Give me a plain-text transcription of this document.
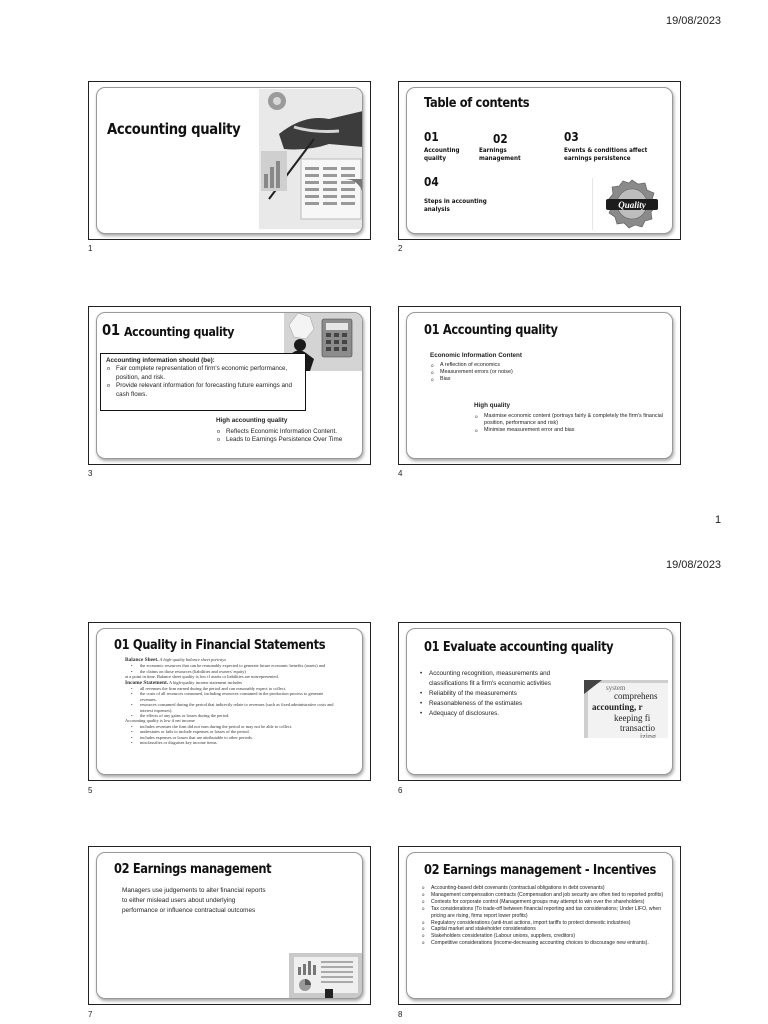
19/08/2023
Accounting quality
1
Table of contents
01
Accounting quality
02
Earnings management
03
Events & conditions affect earnings persistence
04
Steps in accounting analysis	Quality
2
01 Accounting quality
Accounting information should (be):
o Fair complete representation of firm's economic performance, position, and risk.
o Provide relevant information for forecasting future earnings and cash flows.
High accounting quality
o Reflects Economic Information Content.
o Leads to Earnings Persistence Over Time
3
01 Accounting quality
Economic Information Content
o A reflection of economics
o Measurement errors (or noise)
o Bias
High quality
o Maximise economic content (portrays fairly & completely the firm's financial position, performance and risk)
o Minimise measurement error and bias
4
1
19/08/2023
01 Quality in Financial Statements
Balance Sheet. A high-quality balance sheet portrays
• the economic resources that can be reasonably expected to generate future economic benefits (assets) and
• the claims on those resources (liabilities and owners' equity)
at a point in time. Balance sheet quality is low if assets or liabilities are misrepresented.
Income Statement. A high-quality income statement includes
• all revenues the firm earned during the period and can reasonably expect to collect.
• the costs of all resources consumed, including resources consumed in the production process to generate revenues.
• resources consumed during the period that indirectly relate to revenues (such as fixed administrative costs and interest expenses).
• the effects of any gains or losses during the period.
Accounting quality is low if net income
• includes revenues the firm did not earn during the period or may not be able to collect.
• understates or fails to include expenses or losses of the period.
• includes expenses or losses that are attributable to other periods.
• misclassifies or disguises key income items.
5
01 Evaluate accounting quality
• Accounting recognition, measurements and classifications fit a firm's economic activities
• Reliability of the measurements
• Reasonableness of the estimates
• Adequacy of disclosures.
system
comprehens
accounting, r
keeping fi
transactio
izing
6
02 Earnings management
Managers use judgements to alter financial reports to either mislead users about underlying performance or influence contractual outcomes
7
02 Earnings management - Incentives
o Accounting-based debt covenants (contractual obligations in debt covenants)
o Management compensation contracts (Compensation and job security are often tied to reported profits)
o Contests for corporate control (Management groups may attempt to win over the shareholders)
o Tax considerations (To trade-off between financial reporting and tax considerations; Under LIFO, when pricing are rising, firms report lower profits)
o Regulatory considerations (anti-trust actions, import tariffs to protect domestic industries)
o Capital market and stakeholder considerations
o Stakeholders consideration (Labour unions, suppliers, creditors)
o Competitive considerations (income-decreasing accounting choices to discourage new entrants).
8
